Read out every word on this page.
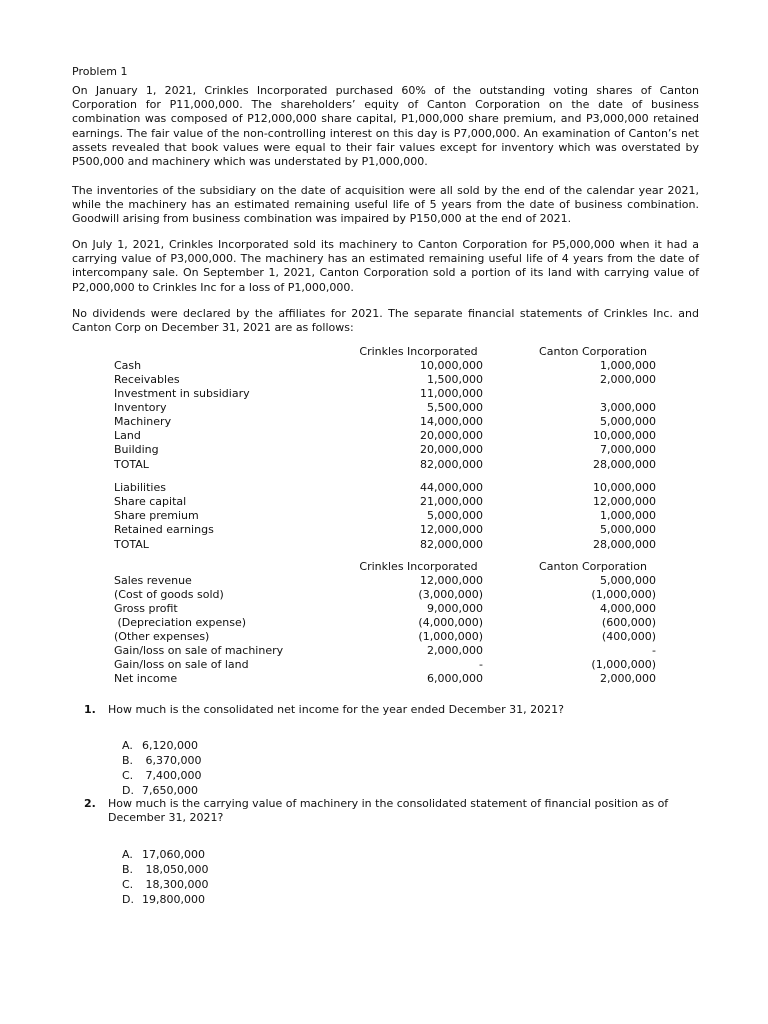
Problem 1
On January 1, 2021, Crinkles Incorporated purchased 60% of the outstanding voting shares of Canton Corporation for P11,000,000. The shareholders’ equity of Canton Corporation on the date of business combination was composed of P12,000,000 share capital, P1,000,000 share premium, and P3,000,000 retained earnings. The fair value of the non-controlling interest on this day is P7,000,000. An examination of Canton’s net assets revealed that book values were equal to their fair values except for inventory which was overstated by P500,000 and machinery which was understated by P1,000,000.
The inventories of the subsidiary on the date of acquisition were all sold by the end of the calendar year 2021, while the machinery has an estimated remaining useful life of 5 years from the date of business combination. Goodwill arising from business combination was impaired by P150,000 at the end of 2021.
On July 1, 2021, Crinkles Incorporated sold its machinery to Canton Corporation for P5,000,000 when it had a carrying value of P3,000,000. The machinery has an estimated remaining useful life of 4 years from the date of intercompany sale. On September 1, 2021, Canton Corporation sold a portion of its land with carrying value of P2,000,000 to Crinkles Inc for a loss of P1,000,000.
No dividends were declared by the affiliates for 2021. The separate financial statements of Crinkles Inc. and Canton Corp on December 31, 2021 are as follows:
Crinkles Incorporated	Canton Corporation
Cash	10,000,000	1,000,000
Receivables	1,500,000	2,000,000
Investment in subsidiary	11,000,000
Inventory	5,500,000	3,000,000
Machinery	14,000,000	5,000,000
Land	20,000,000	10,000,000
Building	20,000,000	7,000,000
TOTAL	82,000,000	28,000,000
Liabilities	44,000,000	10,000,000
Share capital	21,000,000	12,000,000
Share premium	5,000,000	1,000,000
Retained earnings	12,000,000	5,000,000
TOTAL	82,000,000	28,000,000
Crinkles Incorporated	Canton Corporation
Sales revenue	12,000,000	5,000,000
(Cost of goods sold)	(3,000,000)	(1,000,000)
Gross profit	9,000,000	4,000,000
(Depreciation expense)	(4,000,000)	(600,000)
(Other expenses)	(1,000,000)	(400,000)
Gain/loss on sale of machinery	2,000,000	-
Gain/loss on sale of land	-	(1,000,000)
Net income	6,000,000	2,000,000
1. How much is the consolidated net income for the year ended December 31, 2021?

A. 6,120,000

B. 6,370,000

C. 7,400,000

D. 7,650,000

2. How much is the carrying value of machinery in the consolidated statement of financial position as of December 31, 2021?

A. 17,060,000

B. 18,050,000

C. 18,300,000

D. 19,800,000
